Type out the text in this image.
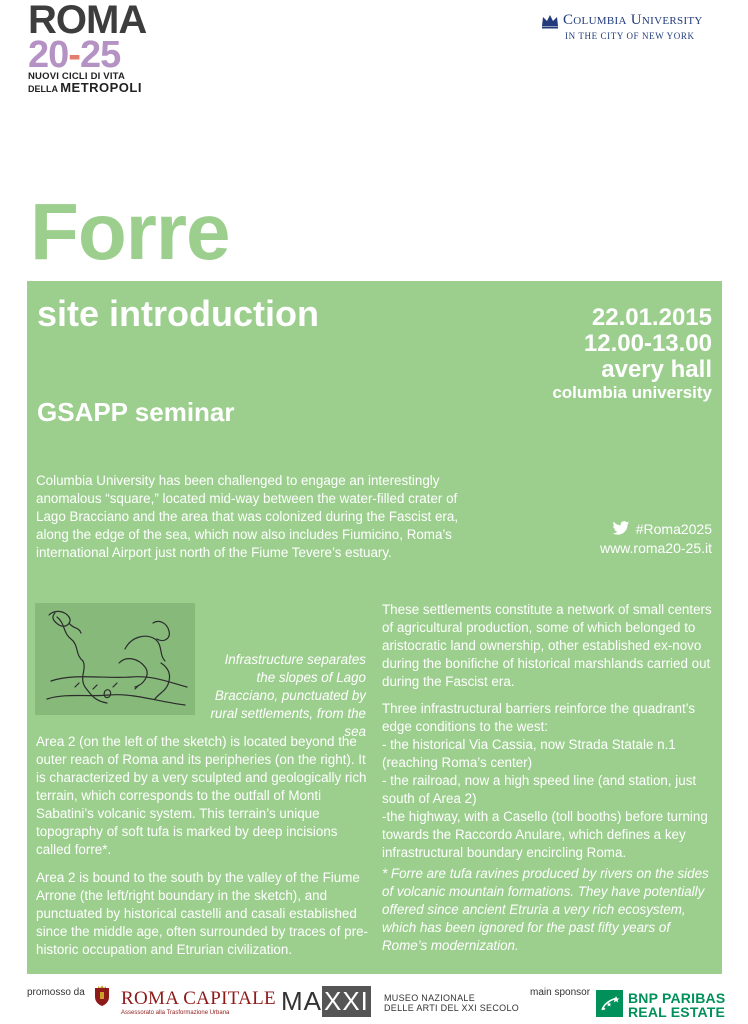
ROMA
20-25
NUOVI CICLI DI VITA
DELLA METROPOLI
Columbia University
IN THE CITY OF NEW YORK
Forre
site introduction
GSAPP seminar
22.01.2015
12.00-13.00
avery hall
columbia university
Columbia University has been challenged to engage an interestingly anomalous “square,” located mid-way between the water-filled crater of Lago Bracciano and the area that was colonized during the Fascist era, along the edge of the sea, which now also includes Fiumicino, Roma’s international Airport just north of the Fiume Tevere’s estuary.
#Roma2025
www.roma20-25.it
Infrastructure separates the slopes of Lago Bracciano, punctuated by rural settlements, from the sea
Area 2 (on the left of the sketch) is located beyond the outer reach of Roma and its peripheries (on the right). It is characterized by a very sculpted and geologically rich terrain, which corresponds to the outfall of Monti Sabatini’s volcanic system. This terrain’s unique topography of soft tufa is marked by deep incisions called forre*.
Area 2 is bound to the south by the valley of the Fiume Arrone (the left/right boundary in the sketch), and punctuated by historical castelli and casali established since the middle age, often surrounded by traces of pre-historic occupation and Etrurian civilization.
These settlements constitute a network of small centers of agricultural production, some of which belonged to aristocratic land ownership, other established ex-novo during the bonifiche of historical marshlands carried out during the Fascist era.
Three infrastructural barriers reinforce the quadrant’s edge conditions to the west:
- the historical Via Cassia, now Strada Statale n.1 (reaching Roma’s center)
- the railroad, now a high speed line (and station, just south of Area 2)
-the highway, with a Casello (toll booths) before turning towards the Raccordo Anulare, which defines a key infrastructural boundary encircling Roma.
* Forre are tufa ravines produced by rivers on the sides of volcanic mountain formations. They have potentially offered since ancient Etruria a very rich ecosystem, which has been ignored for the past fifty years of Rome’s modernization.
promosso da ROMA CAPITALE
Assessorato alla Trasformazione Urbana MAXXI MUSEO NAZIONALE
DELLE ARTI DEL XXI SECOLO
main sponsor	BNP PARIBAS
REAL ESTATE
